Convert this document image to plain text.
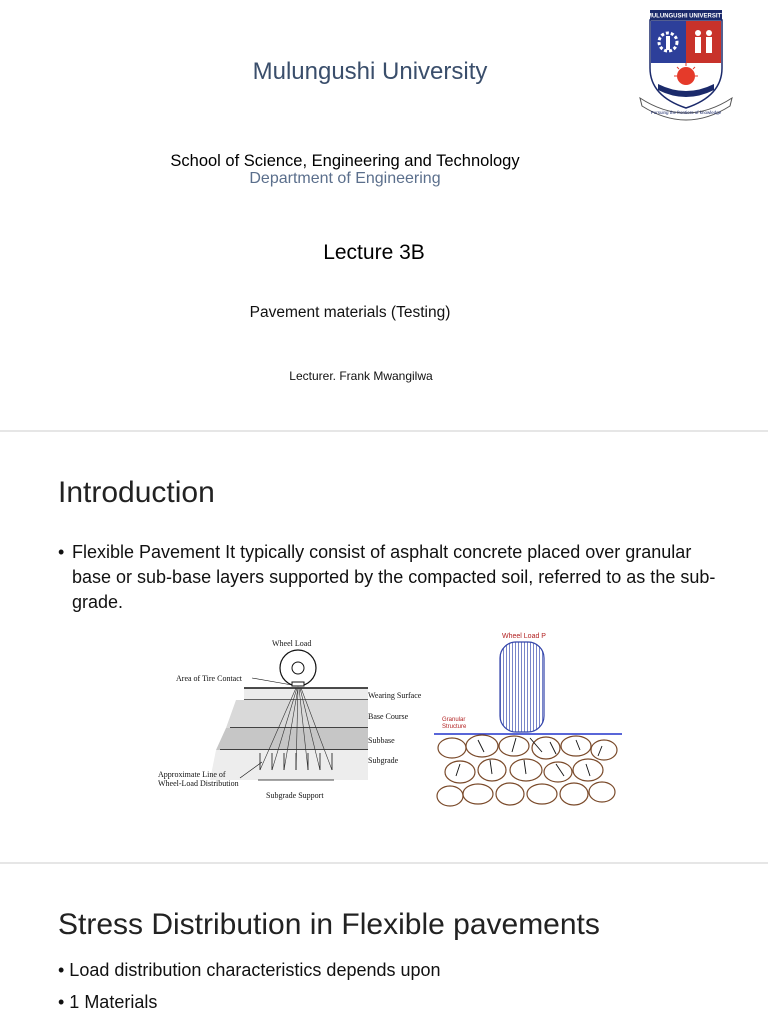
Mulungushi University
School of Science, Engineering and Technology
Department of Engineering
Lecture 3B
Pavement materials (Testing)
Lecturer. Frank Mwangilwa
MULUNGUSHI UNIVERSITY
Pursuing the frontiers of knowledge
Introduction
• Flexible Pavement It typically consist of asphalt concrete placed over granular base or sub-base layers supported by the compacted soil, referred to as the sub-grade.
Wheel Load
Area of Tire Contact
Wearing Surface
Base Course
Subbase
Subgrade
Approximate Line of
Wheel-Load Distribution
Subgrade Support
Wheel Load P
Granular
Structure
Stress Distribution in Flexible pavements
• Load distribution characteristics depends upon
• 1 Materials
